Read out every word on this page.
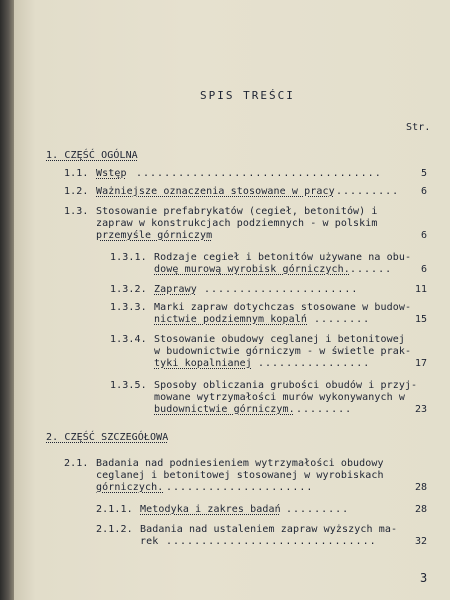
SPIS TREŚCI
Str.
1. CZĘŚĆ OGÓLNA
1.1. Wstęp ...................................	5
1.2. Ważniejsze oznaczenia stosowane w pracy .........	6
1.3. Stosowanie prefabrykatów (cegieł, betonitów) i
zapraw w konstrukcjach podziemnych - w polskim
przemyśle górniczym	6
1.3.1. Rodzaje cegieł i betonitów używane na obu-
dowę murową wyrobisk górniczych. ......	6
1.3.2. Zaprawy ......................	11
1.3.3. Marki zapraw dotychczas stosowane w budow-
nictwie podziemnym kopalń ........	15
1.3.4. Stosowanie obudowy ceglanej i betonitowej
w budownictwie górniczym - w świetle prak-
tyki kopalnianej ................	17
1.3.5. Sposoby obliczania grubości obudów i przyj-
mowane wytrzymałości murów wykonywanych w
budownictwie górniczym. ........	23
2. CZĘŚĆ SZCZEGÓŁOWA
2.1. Badania nad podniesieniem wytrzymałości obudowy
ceglanej i betonitowej stosowanej w wyrobiskach
górniczych. .....................	28
2.1.1. Metodyka i zakres badań .........	28
2.1.2. Badania nad ustaleniem zapraw wyższych ma-
rek ..............................	32
3
